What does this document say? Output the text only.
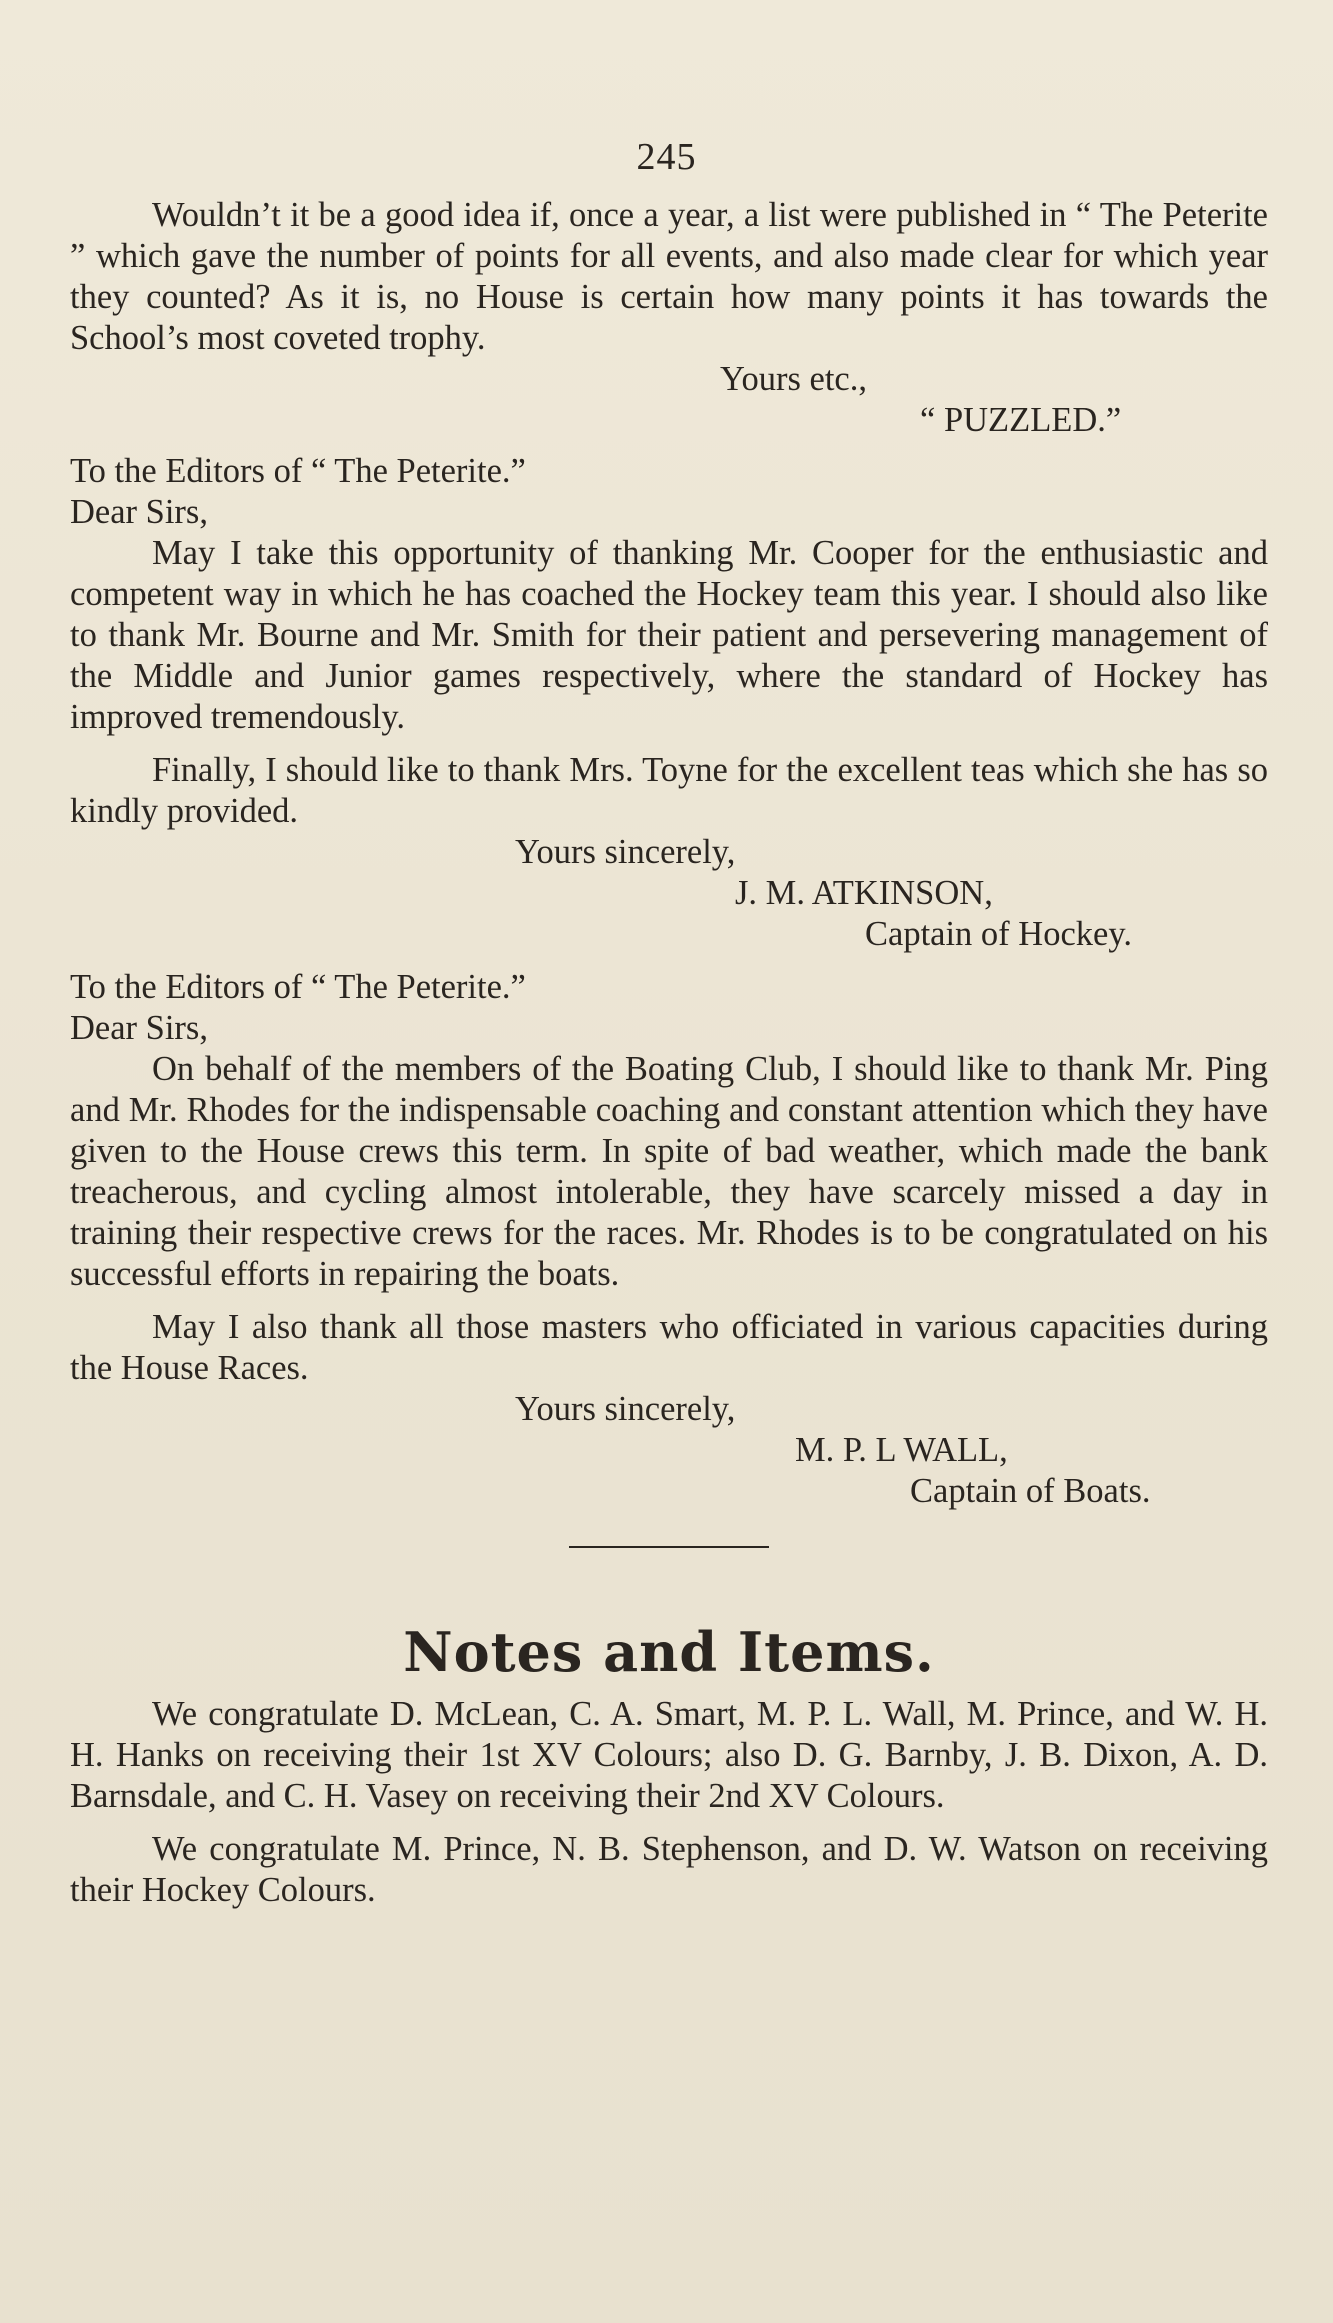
245

Wouldn’t it be a good idea if, once a year, a list were published in “ The Peterite ” which gave the number of points for all events, and also made clear for which year they counted? As it is, no House is certain how many points it has towards the School’s most coveted trophy.

Yours etc.,

“ PUZZLED.”

To the Editors of “ The Peterite.”

Dear Sirs,

May I take this opportunity of thanking Mr. Cooper for the enthusiastic and competent way in which he has coached the Hockey team this year. I should also like to thank Mr. Bourne and Mr. Smith for their patient and persevering management of the Middle and Junior games respectively, where the standard of Hockey has improved tremendously.

Finally, I should like to thank Mrs. Toyne for the excellent teas which she has so kindly provided.

Yours sincerely,

J. M. ATKINSON,

Captain of Hockey.

To the Editors of “ The Peterite.”

Dear Sirs,

On behalf of the members of the Boating Club, I should like to thank Mr. Ping and Mr. Rhodes for the indispensable coaching and constant attention which they have given to the House crews this term. In spite of bad weather, which made the bank treacherous, and cycling almost intolerable, they have scarcely missed a day in training their respective crews for the races. Mr. Rhodes is to be congratulated on his successful efforts in repairing the boats.

May I also thank all those masters who officiated in various capacities during the House Races.

Yours sincerely,

M. P. L WALL,

Captain of Boats.

Notes and Items.

We congratulate D. McLean, C. A. Smart, M. P. L. Wall, M. Prince, and W. H. H. Hanks on receiving their 1st XV Colours; also D. G. Barnby, J. B. Dixon, A. D. Barnsdale, and C. H. Vasey on receiving their 2nd XV Colours.

We congratulate M. Prince, N. B. Stephenson, and D. W. Watson on receiving their Hockey Colours.
